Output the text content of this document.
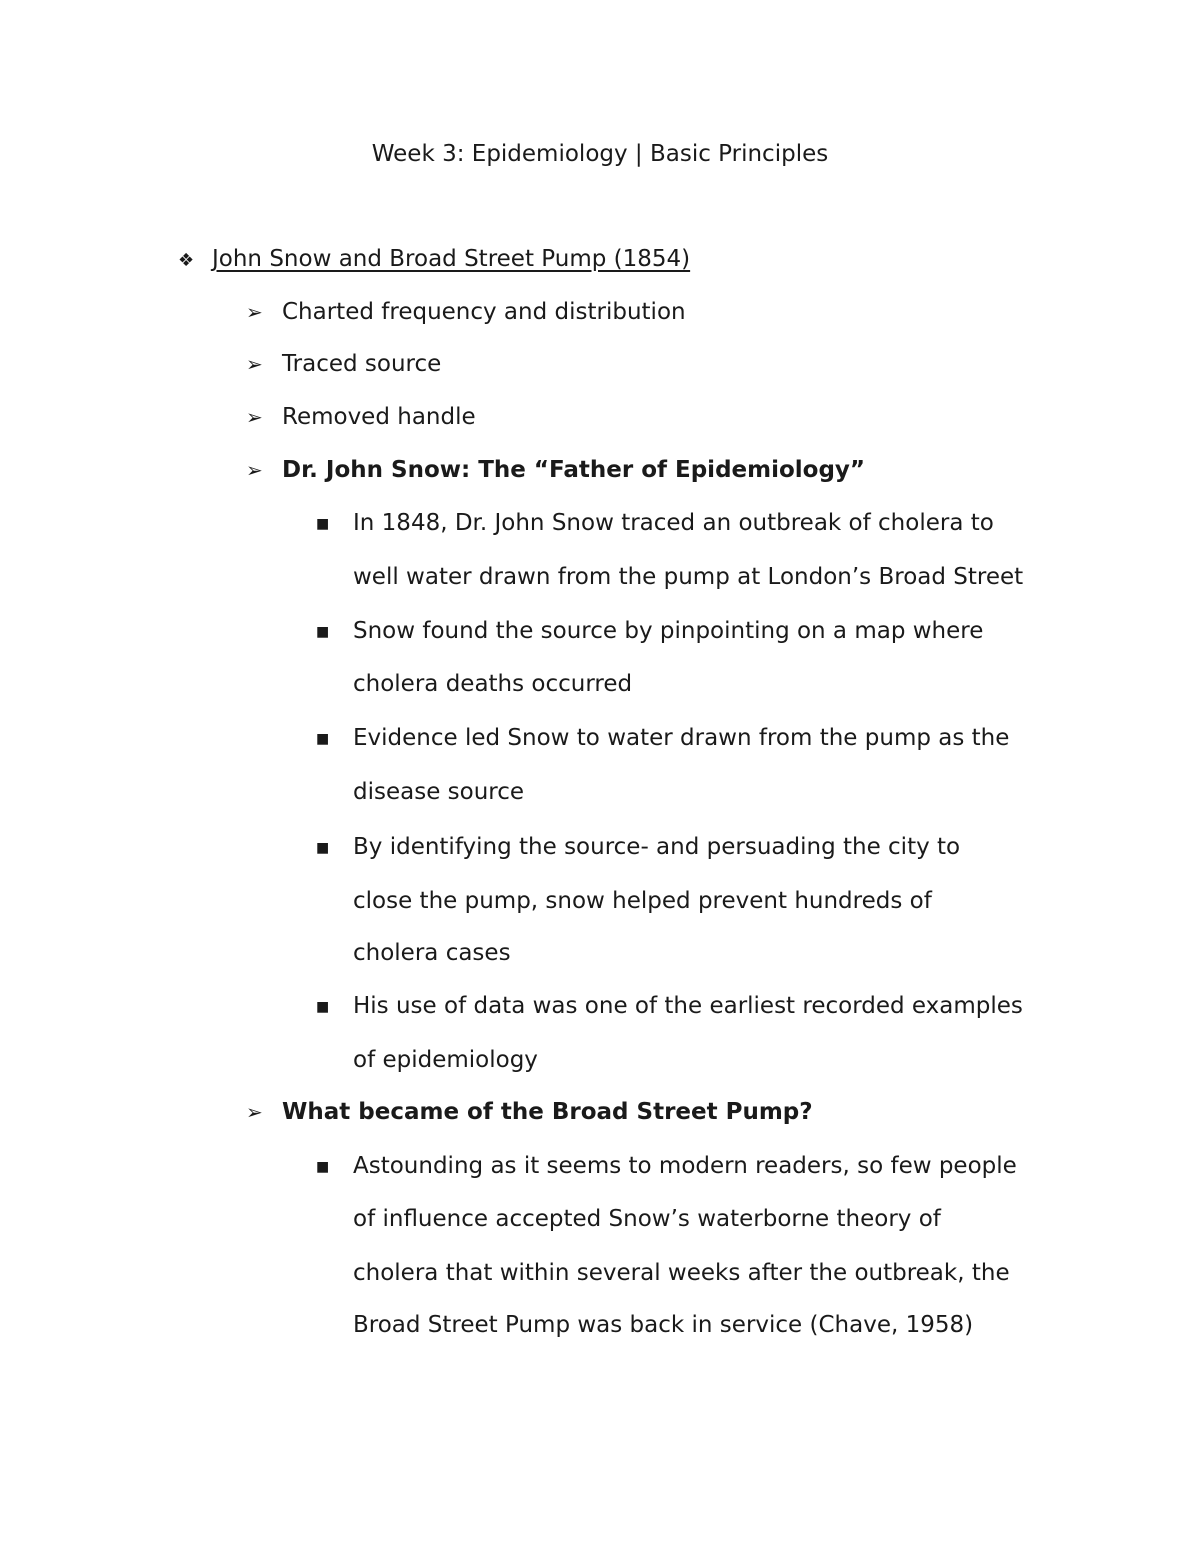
Week 3: Epidemiology | Basic Principles
❖ John Snow and Broad Street Pump (1854)
➢ Charted frequency and distribution
➢ Traced source
➢ Removed handle
➢ Dr. John Snow: The “Father of Epidemiology”
■ In 1848, Dr. John Snow traced an outbreak of cholera to
well water drawn from the pump at London’s Broad Street
■ Snow found the source by pinpointing on a map where
cholera deaths occurred
■ Evidence led Snow to water drawn from the pump as the
disease source
■ By identifying the source- and persuading the city to
close the pump, snow helped prevent hundreds of
cholera cases
■ His use of data was one of the earliest recorded examples
of epidemiology
➢ What became of the Broad Street Pump?
■ Astounding as it seems to modern readers, so few people
of influence accepted Snow’s waterborne theory of
cholera that within several weeks after the outbreak, the
Broad Street Pump was back in service (Chave, 1958)
